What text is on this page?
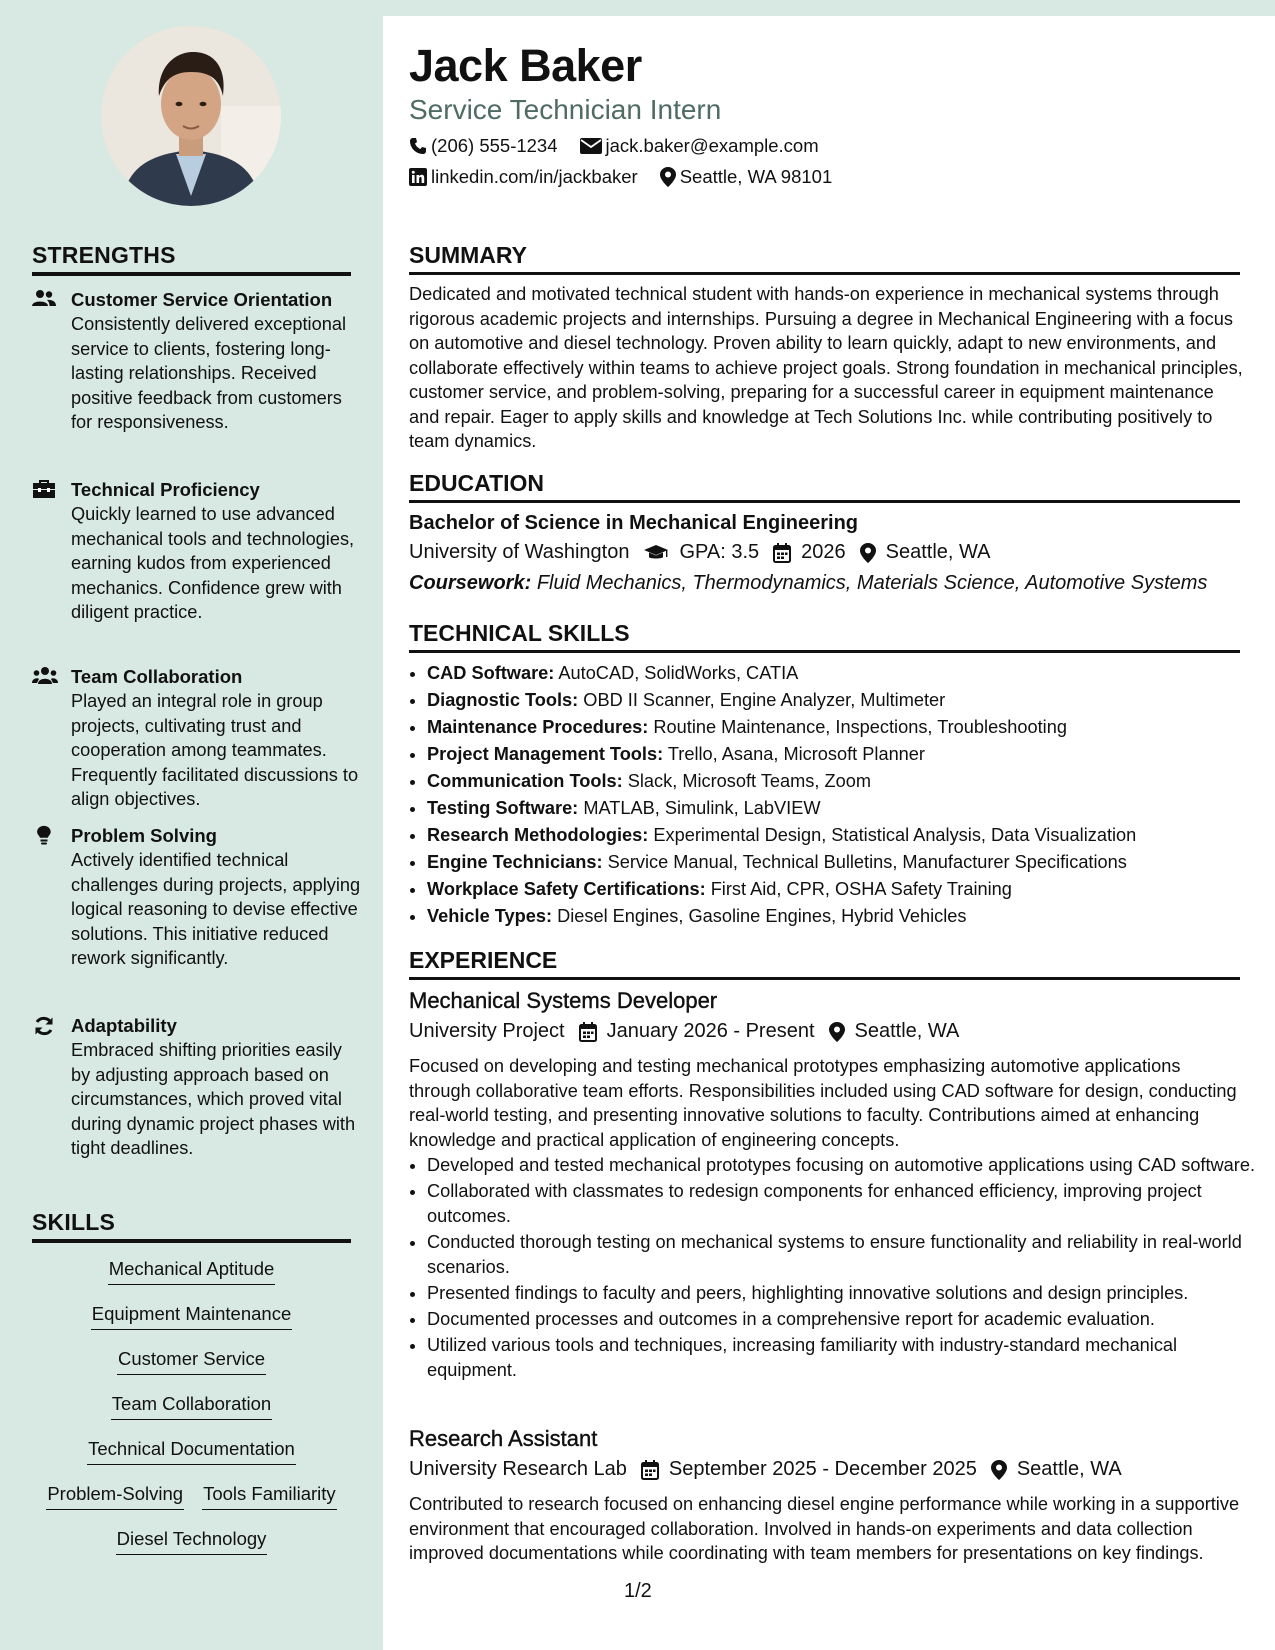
STRENGTHS
Customer Service Orientation
Consistently delivered exceptional service to clients, fostering long-lasting relationships. Received positive feedback from customers for responsiveness.
Technical Proficiency
Quickly learned to use advanced mechanical tools and technologies, earning kudos from experienced mechanics. Confidence grew with diligent practice.
Team Collaboration
Played an integral role in group projects, cultivating trust and cooperation among teammates. Frequently facilitated discussions to align objectives.
Problem Solving
Actively identified technical challenges during projects, applying logical reasoning to devise effective solutions. This initiative reduced rework significantly.
Adaptability
Embraced shifting priorities easily by adjusting approach based on circumstances, which proved vital during dynamic project phases with tight deadlines.
SKILLS
Mechanical Aptitude
Equipment Maintenance
Customer Service
Team Collaboration
Technical Documentation
Problem-Solving Tools Familiarity
Diesel Technology
Jack Baker
Service Technician Intern
(206) 555-1234	jack.baker@example.com
linkedin.com/in/jackbaker Seattle, WA 98101
SUMMARY
Dedicated and motivated technical student with hands-on experience in mechanical systems through rigorous academic projects and internships. Pursuing a degree in Mechanical Engineering with a focus on automotive and diesel technology. Proven ability to learn quickly, adapt to new environments, and collaborate effectively within teams to achieve project goals. Strong foundation in mechanical principles, customer service, and problem-solving, preparing for a successful career in equipment maintenance and repair. Eager to apply skills and knowledge at Tech Solutions Inc. while contributing positively to team dynamics.
EDUCATION
Bachelor of Science in Mechanical Engineering
University of Washington	GPA: 3.5 2026 Seattle, WA
Coursework: Fluid Mechanics, Thermodynamics, Materials Science, Automotive Systems
TECHNICAL SKILLS
• CAD Software: AutoCAD, SolidWorks, CATIA
• Diagnostic Tools: OBD II Scanner, Engine Analyzer, Multimeter
• Maintenance Procedures: Routine Maintenance, Inspections, Troubleshooting
• Project Management Tools: Trello, Asana, Microsoft Planner
• Communication Tools: Slack, Microsoft Teams, Zoom
• Testing Software: MATLAB, Simulink, LabVIEW
• Research Methodologies: Experimental Design, Statistical Analysis, Data Visualization
• Engine Technicians: Service Manual, Technical Bulletins, Manufacturer Specifications
• Workplace Safety Certifications: First Aid, CPR, OSHA Safety Training
• Vehicle Types: Diesel Engines, Gasoline Engines, Hybrid Vehicles
EXPERIENCE
Mechanical Systems Developer
University Project January 2026 - Present Seattle, WA
Focused on developing and testing mechanical prototypes emphasizing automotive applications through collaborative team efforts. Responsibilities included using CAD software for design, conducting real-world testing, and presenting innovative solutions to faculty. Contributions aimed at enhancing knowledge and practical application of engineering concepts.
• Developed and tested mechanical prototypes focusing on automotive applications using CAD software.
• Collaborated with classmates to redesign components for enhanced efficiency, improving project outcomes.
• Conducted thorough testing on mechanical systems to ensure functionality and reliability in real-world scenarios.
• Presented findings to faculty and peers, highlighting innovative solutions and design principles.
• Documented processes and outcomes in a comprehensive report for academic evaluation.
• Utilized various tools and techniques, increasing familiarity with industry-standard mechanical equipment.
Research Assistant
University Research Lab September 2025 - December 2025 Seattle, WA
Contributed to research focused on enhancing diesel engine performance while working in a supportive environment that encouraged collaboration. Involved in hands-on experiments and data collection improved documentations while coordinating with team members for presentations on key findings.
1/2
